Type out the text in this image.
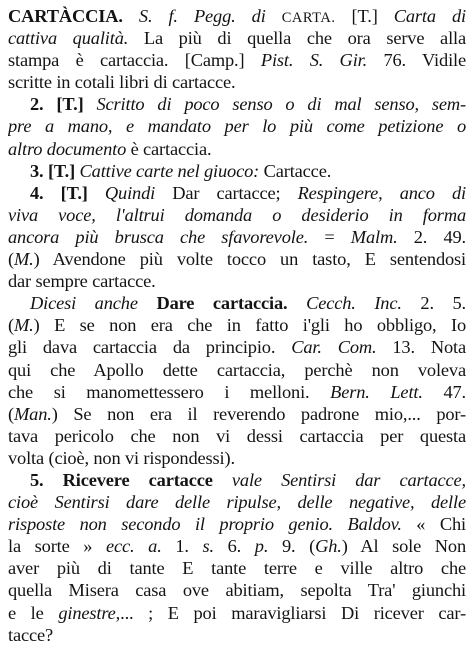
CARTÀCCIA. S. f. Pegg. di CARTA. [T.] Carta di
cattiva qualità. La più di quella che ora serve alla
stampa è cartaccia. [Camp.] Pist. S. Gir. 76. Vidile
scritte in cotali libri di cartacce.
2. [T.] Scritto di poco senso o di mal senso, sem-
pre a mano, e mandato per lo più come petizione o
altro documento è cartaccia.
3. [T.] Cattive carte nel giuoco: Cartacce.
4. [T.] Quindi Dar cartacce; Respingere, anco di
viva voce, l'altrui domanda o desiderio in forma
ancora più brusca che sfavorevole. = Malm. 2. 49.
(M.) Avendone più volte tocco un tasto, E sentendosi
dar sempre cartacce.
Dicesi anche Dare cartaccia. Cecch. Inc. 2. 5.
(M.) E se non era che in fatto i'gli ho obbligo, Io
gli dava cartaccia da principio. Car. Com. 13. Nota
qui che Apollo dette cartaccia, perchè non voleva
che si manomettessero i melloni. Bern. Lett. 47.
(Man.) Se non era il reverendo padrone mio,... por-
tava pericolo che non vi dessi cartaccia per questa
volta (cioè, non vi rispondessi).
5. Ricevere cartacce vale Sentirsi dar cartacce,
cioè Sentirsi dare delle ripulse, delle negative, delle
risposte non secondo il proprio genio. Baldov. « Chi
la sorte » ecc. a. 1. s. 6. p. 9. (Gh.) Al sole Non
aver più di tante E tante terre e ville altro che
quella Misera casa ove abitiam, sepolta Tra' giunchi
e le ginestre,... ; E poi maravigliarsi Di ricever car-
tacce?
